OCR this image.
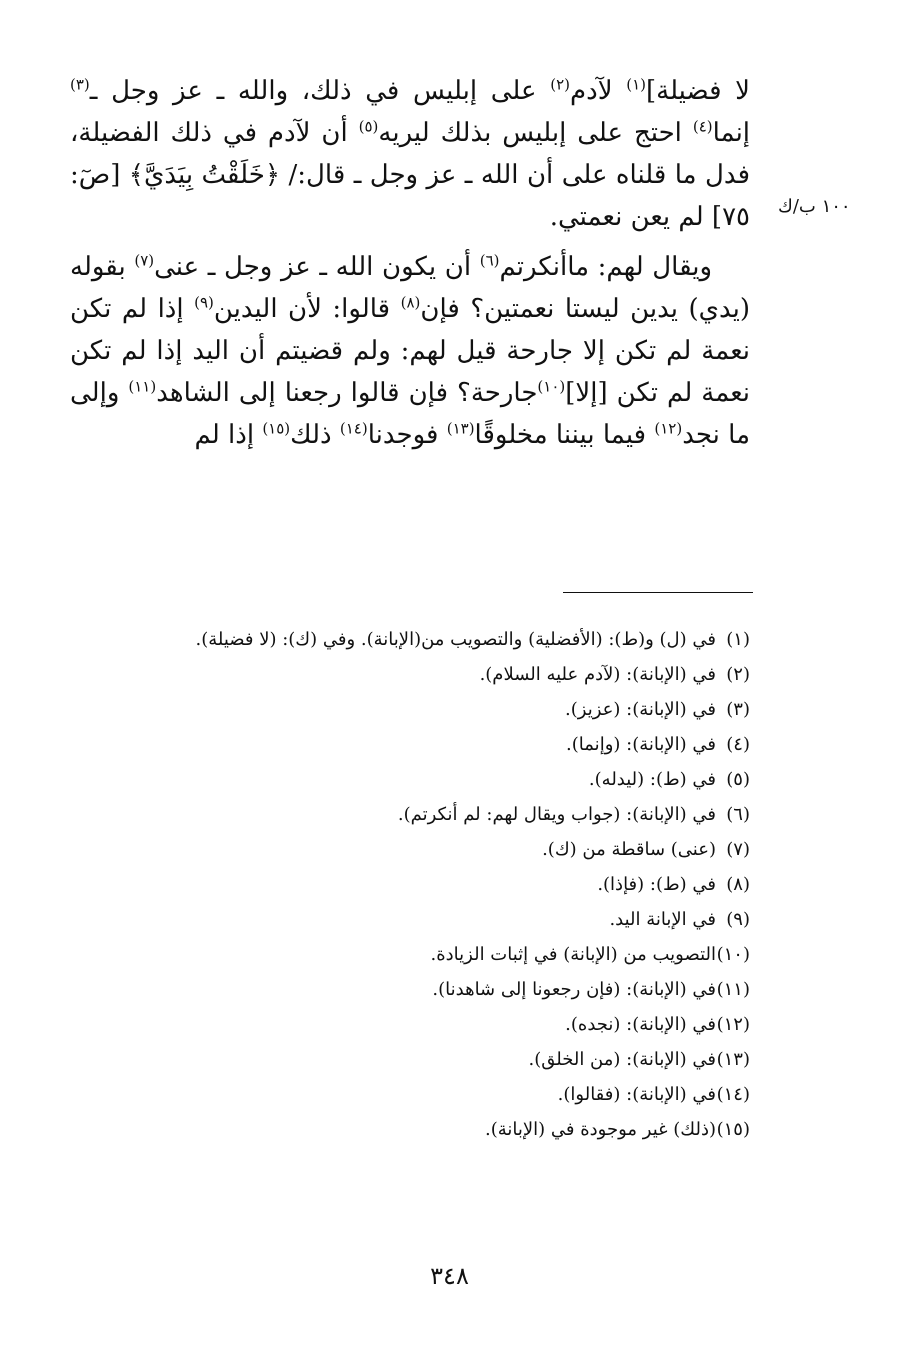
لا فضيلة]$^{(١)}$ لآدم$^{(٢)}$ على إبليس في ذلك، والله ـ عز وجل ـ$^{(٣)}$ إنما$^{(٤)}$ احتج على إبليس بذلك ليريه$^{(٥)}$ أن لآدم في ذلك الفضيلة، فدل ما قلناه على أن الله ـ عز وجل ـ قال:/ ﴿خَلَقْتُ بِيَدَيَّ﴾ [صٓ: ٧٥] لم يعن نعمتي.

ويقال لهم: ماأنكرتم$^{(٦)}$ أن يكون الله ـ عز وجل ـ عنى$^{(٧)}$ بقوله (يدي) يدين ليستا نعمتين؟ فإن$^{(٨)}$ قالوا: لأن اليدين$^{(٩)}$ إذا لم تكن نعمة لم تكن إلا جارحة قيل لهم: ولم قضيتم أن اليد إذا لم تكن نعمة لم تكن [إلا]$^{(١٠)}$جارحة؟ فإن قالوا رجعنا إلى الشاهد$^{(١١)}$ وإلى ما نجد$^{(١٢)}$ فيما بيننا مخلوقًا$^{(١٣)}$ فوجدنا$^{(١٤)}$ ذلك$^{(١٥)}$ إذا لم

١٠٠ ب/ك
(١)في (ل) و(ط): (الأفضلية) والتصويب من(الإبانة). وفي (ك): (لا فضيلة).
(٢)في (الإبانة): (لآدم عليه السلام).
(٣)في (الإبانة): (عزيز).
(٤)في (الإبانة): (وإنما).
(٥)في (ط): (ليدله).
(٦)في (الإبانة): (جواب ويقال لهم: لم أنكرتم).
(٧)(عنى) ساقطة من (ك).
(٨)في (ط): (فإذا).
(٩)في الإبانة اليد.
(١٠)التصويب من (الإبانة) في إثبات الزيادة.
(١١)في (الإبانة): (فإن رجعونا إلى شاهدنا).
(١٢)في (الإبانة): (نجده).
(١٣)في (الإبانة): (من الخلق).
(١٤)في (الإبانة): (فقالوا).
(١٥)(ذلك) غير موجودة في (الإبانة).
٣٤٨
